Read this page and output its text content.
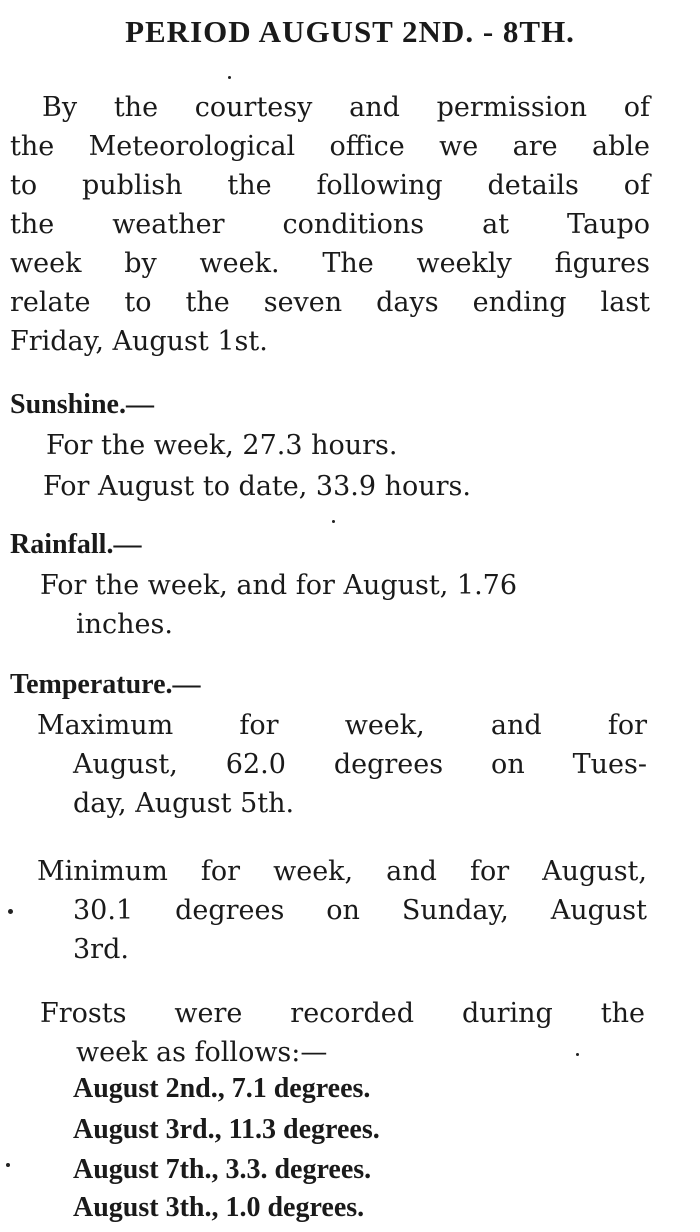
PERIOD AUGUST 2ND. - 8TH.
By the courtesy and permission of
the Meteorological office we are able
to publish the following details of
the weather conditions at Taupo
week by week. The weekly figures
relate to the seven days ending last
Friday, August 1st.
Sunshine.—
For the week, 27.3 hours.
For August to date, 33.9 hours.
Rainfall.—
For the week, and for August, 1.76
inches.
Temperature.—
Maximum for week, and for
August, 62.0 degrees on Tues-
day, August 5th.
Minimum for week, and for August,
30.1 degrees on Sunday, August
3rd.
Frosts were recorded during the
week as follows:—
August 2nd., 7.1 degrees.
August 3rd., 11.3 degrees.
August 7th., 3.3. degrees.
August 3th., 1.0 degrees.
